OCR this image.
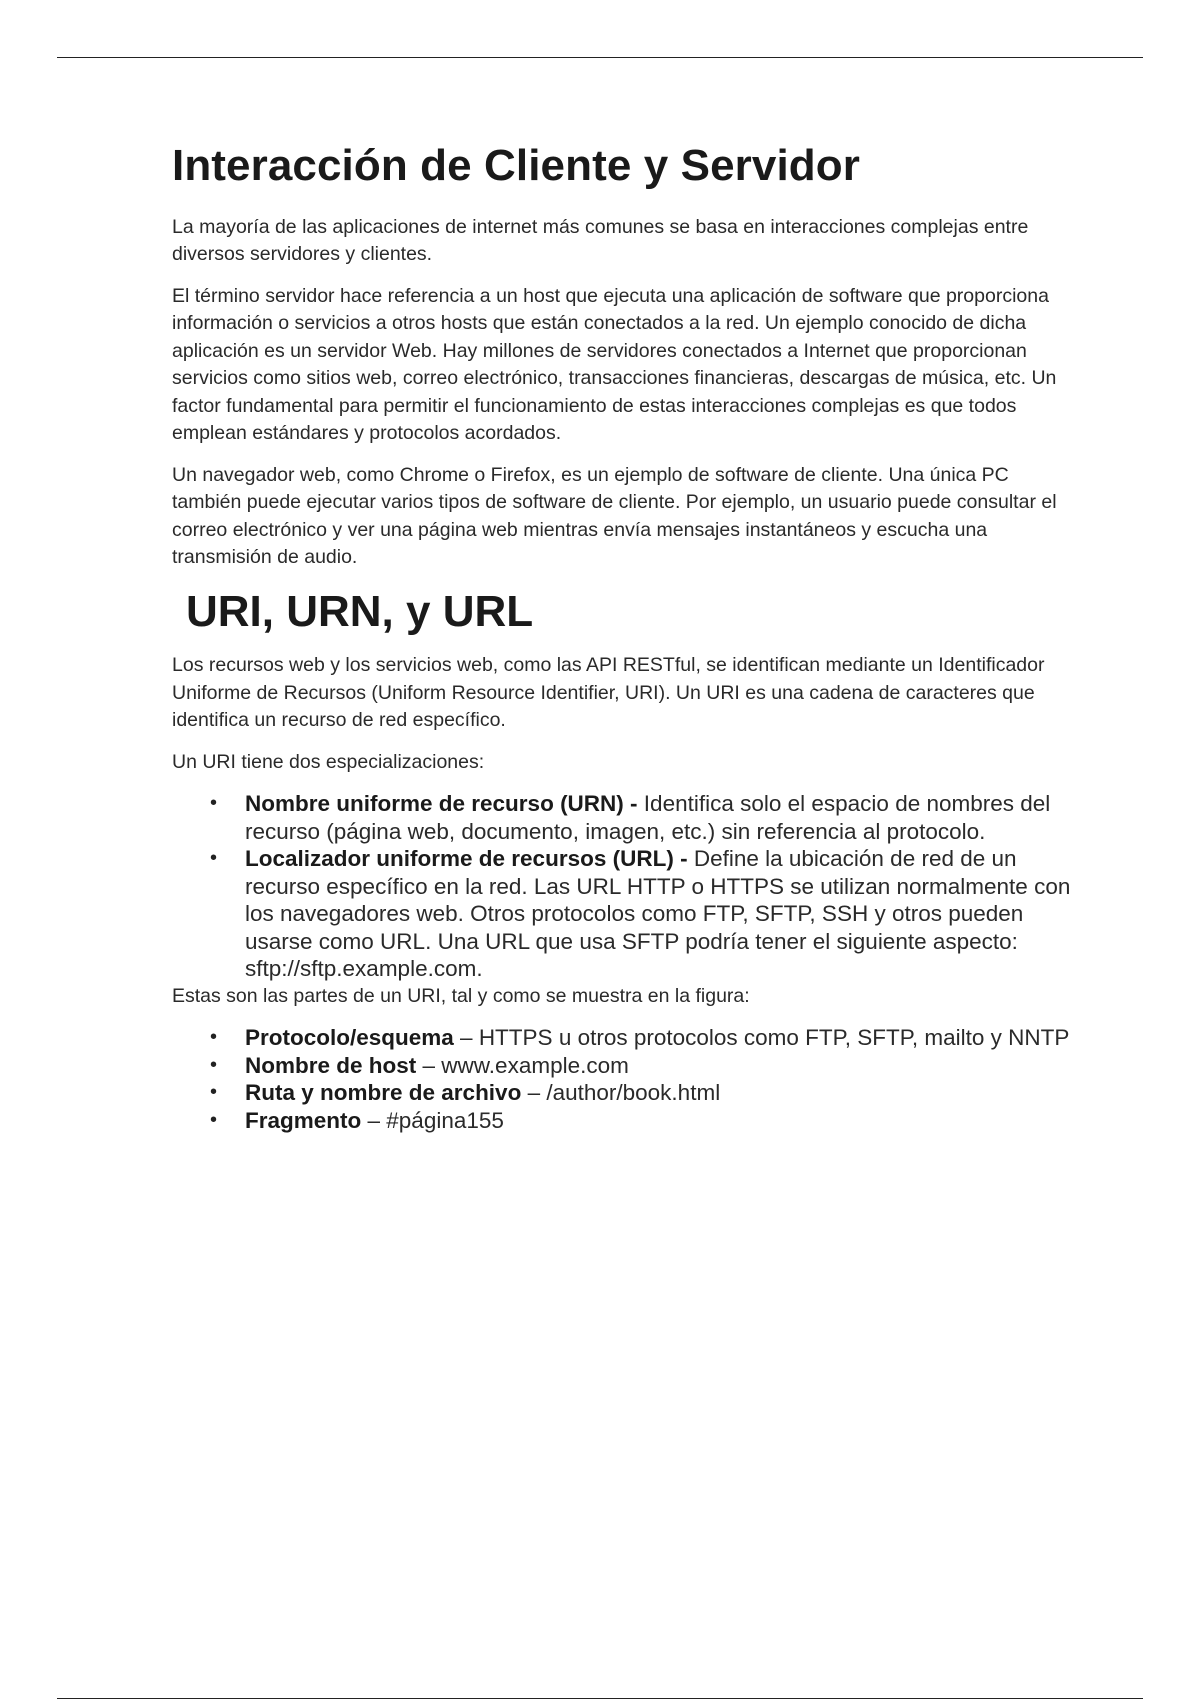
Interacción de Cliente y Servidor

La mayoría de las aplicaciones de internet más comunes se basa en interacciones complejas entre diversos servidores y clientes.

El término servidor hace referencia a un host que ejecuta una aplicación de software que proporciona información o servicios a otros hosts que están conectados a la red. Un ejemplo conocido de dicha aplicación es un servidor Web. Hay millones de servidores conectados a Internet que proporcionan servicios como sitios web, correo electrónico, transacciones financieras, descargas de música, etc. Un factor fundamental para permitir el funcionamiento de estas interacciones complejas es que todos emplean estándares y protocolos acordados.

Un navegador web, como Chrome o Firefox, es un ejemplo de software de cliente. Una única PC también puede ejecutar varios tipos de software de cliente. Por ejemplo, un usuario puede consultar el correo electrónico y ver una página web mientras envía mensajes instantáneos y escucha una transmisión de audio.

URI, URN, y URL

Los recursos web y los servicios web, como las API RESTful, se identifican mediante un Identificador Uniforme de Recursos (Uniform Resource Identifier, URI). Un URI es una cadena de caracteres que identifica un recurso de red específico.

Un URI tiene dos especializaciones:

• Nombre uniforme de recurso (URN) - Identifica solo el espacio de nombres del recurso (página web, documento, imagen, etc.) sin referencia al protocolo.
• Localizador uniforme de recursos (URL) - Define la ubicación de red de un recurso específico en la red. Las URL HTTP o HTTPS se utilizan normalmente con los navegadores web. Otros protocolos como FTP, SFTP, SSH y otros pueden usarse como URL. Una URL que usa SFTP podría tener el siguiente aspecto: sftp://sftp.example.com.

Estas son las partes de un URI, tal y como se muestra en la figura:

• Protocolo/esquema – HTTPS u otros protocolos como FTP, SFTP, mailto y NNTP
• Nombre de host – www.example.com
• Ruta y nombre de archivo – /author/book.html
• Fragmento – #página155
